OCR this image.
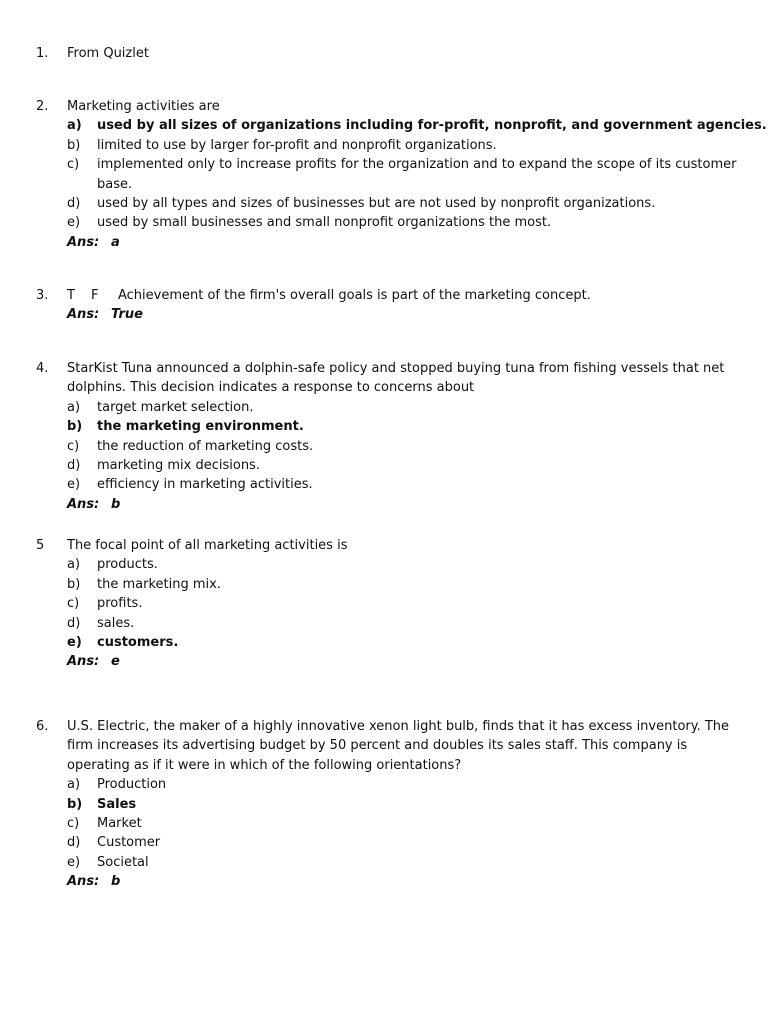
1. From Quizlet
2. Marketing activities are
a)	used by all sizes of organizations including for-profit, nonprofit, and government agencies.
b)	limited to use by larger for-profit and nonprofit organizations.
c)	implemented only to increase profits for the organization and to expand the scope of its customer
base.
d)	used by all types and sizes of businesses but are not used by nonprofit organizations.
e)	used by small businesses and small nonprofit organizations the most.
Ans: a
3. T F Achievement of the firm's overall goals is part of the marketing concept.
Ans: True
4. StarKist Tuna announced a dolphin-safe policy and stopped buying tuna from fishing vessels that net
dolphins. This decision indicates a response to concerns about
a)	target market selection.
b)	the marketing environment.
c)	the reduction of marketing costs.
d)	marketing mix decisions.
e)	efficiency in marketing activities.
Ans: b
5 The focal point of all marketing activities is
a)	products.
b)	the marketing mix.
c)	profits.
d)	sales.
e)	customers.
Ans: e
6. U.S. Electric, the maker of a highly innovative xenon light bulb, finds that it has excess inventory. The
firm increases its advertising budget by 50 percent and doubles its sales staff. This company is
operating as if it were in which of the following orientations?
a)	Production
b)	Sales
c)	Market
d)	Customer
e)	Societal
Ans: b
